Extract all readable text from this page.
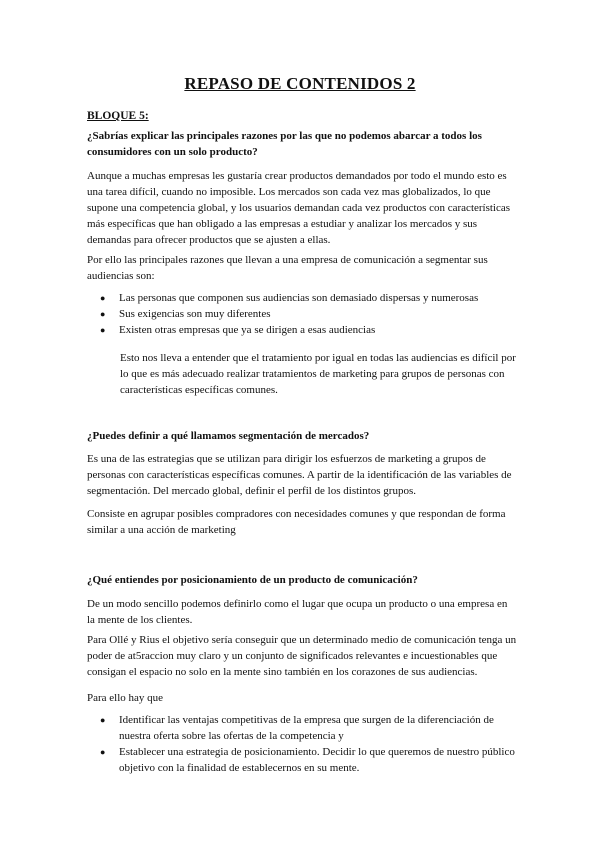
REPASO DE CONTENIDOS 2
BLOQUE 5:
¿Sabrías explicar las principales razones por las que no podemos abarcar a todos los consumidores con un solo producto?
Aunque a muchas empresas les gustaría crear productos demandados por todo el mundo esto es una tarea difícil, cuando no imposible. Los mercados son cada vez mas globalizados, lo que supone una competencia global, y los usuarios demandan cada vez productos con características más específicas que han obligado a las empresas a estudiar y analizar los mercados y sus demandas para ofrecer productos que se ajusten a ellas.
Por ello las principales razones que llevan a una empresa de comunicación a segmentar sus audiencias son:
● Las personas que componen sus audiencias son demasiado dispersas y numerosas
● Sus exigencias son muy diferentes
● Existen otras empresas que ya se dirigen a esas audiencias
Esto nos lleva a entender que el tratamiento por igual en todas las audiencias es difícil por lo que es más adecuado realizar tratamientos de marketing para grupos de personas con características específicas comunes.
¿Puedes definir a qué llamamos segmentación de mercados?
Es una de las estrategias que se utilizan para dirigir los esfuerzos de marketing a grupos de personas con características específicas comunes. A partir de la identificación de las variables de segmentación. Del mercado global, definir el perfil de los distintos grupos.
Consiste en agrupar posibles compradores con necesidades comunes y que respondan de forma similar a una acción de marketing
¿Qué entiendes por posicionamiento de un producto de comunicación?
De un modo sencillo podemos definirlo como el lugar que ocupa un producto o una empresa en la mente de los clientes.
Para Ollé y Rius el objetivo sería conseguir que un determinado medio de comunicación tenga un poder de at5raccion muy claro y un conjunto de significados relevantes e incuestionables que consigan el espacio no solo en la mente sino también en los corazones de sus audiencias.
Para ello hay que
● Identificar las ventajas competitivas de la empresa que surgen de la diferenciación de nuestra oferta sobre las ofertas de la competencia y
● Establecer una estrategia de posicionamiento. Decidir lo que queremos de nuestro público objetivo con la finalidad de establecernos en su mente.
